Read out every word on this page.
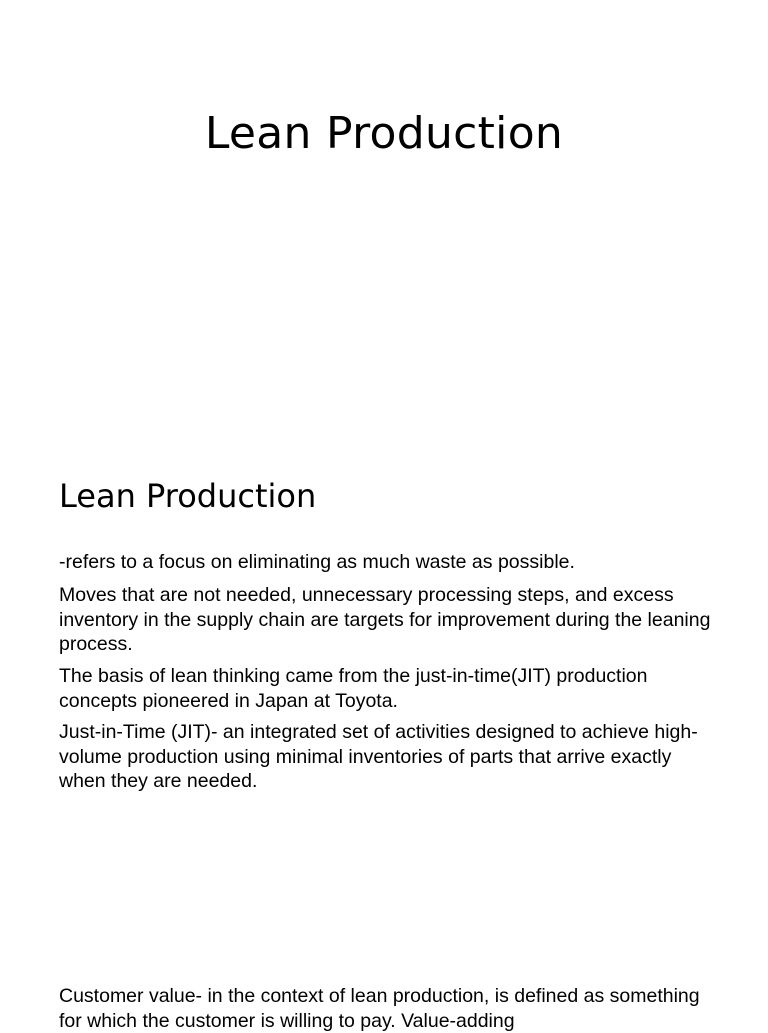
Lean Production
Lean Production

-refers to a focus on eliminating as much waste as possible.

Moves that are not needed, unnecessary processing steps, and excess inventory in the supply chain are targets for improvement during the leaning process.

The basis of lean thinking came from the just-in-time(JIT) production concepts pioneered in Japan at Toyota.

Just-in-Time (JIT)- an integrated set of activities designed to achieve high-volume production using minimal inventories of parts that arrive exactly when they are needed.

Customer value- in the context of lean production, is defined as something for which the customer is willing to pay. Value-adding
